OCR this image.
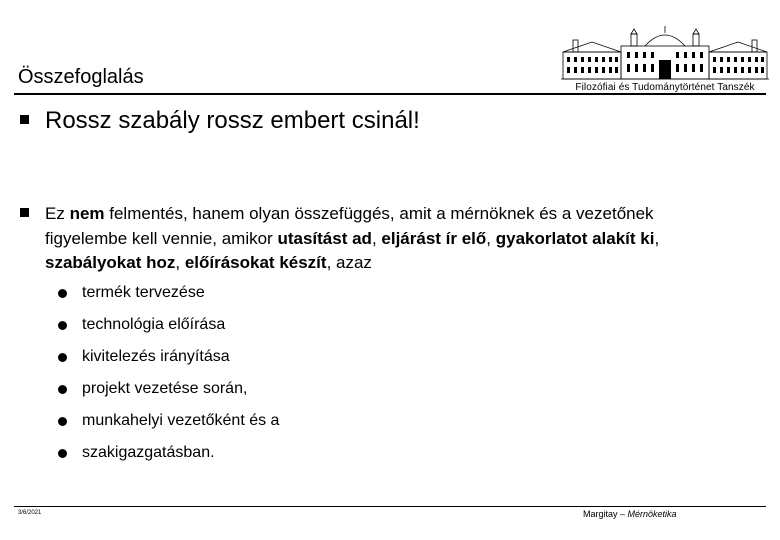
Összefoglalás	Filozófiai és Tudománytörténet Tanszék
Rossz szabály rossz embert csinál!
Ez nem felmentés, hanem olyan összefüggés, amit a mérnöknek és a vezetőnek figyelembe kell vennie, amikor utasítást ad, eljárást ír elő, gyakorlatot alakít ki, szabályokat hoz, előírásokat készít, azaz
termék tervezése
technológia előírása
kivitelezés irányítása
projekt vezetése során,
munkahelyi vezetőként és a
szakigazgatásban.
3/6/2021	Margitay – Mérnöketika
